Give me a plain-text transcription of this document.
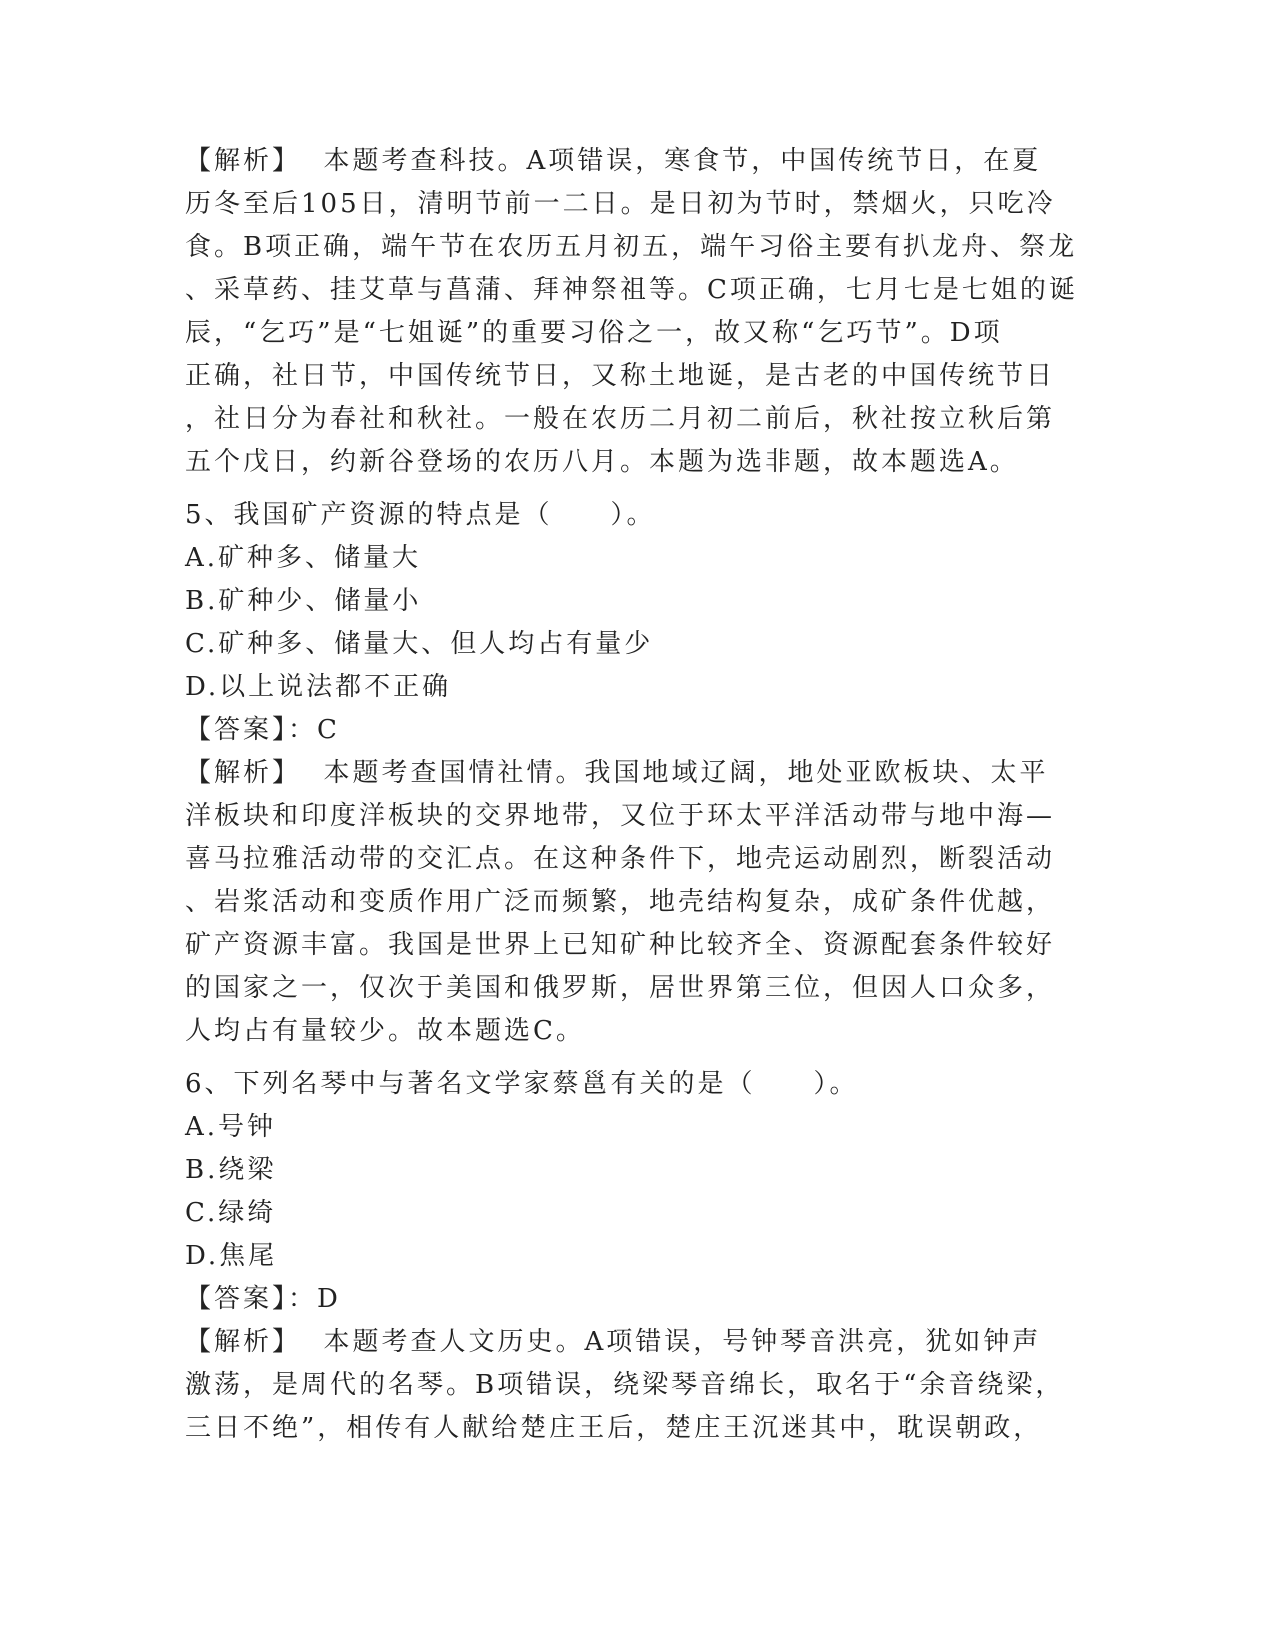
【解析】  本题考查科技。A项错误，寒食节，中国传统节日，在夏
历冬至后105日，清明节前一二日。是日初为节时，禁烟火，只吃冷
食。B项正确，端午节在农历五月初五，端午习俗主要有扒龙舟、祭龙
、采草药、挂艾草与菖蒲、拜神祭祖等。C项正确，七月七是七姐的诞
辰，“乞巧”是“七姐诞”的重要习俗之一，故又称“乞巧节”。D项
正确，社日节，中国传统节日，又称土地诞，是古老的中国传统节日
，社日分为春社和秋社。一般在农历二月初二前后，秋社按立秋后第
五个戊日，约新谷登场的农历八月。本题为选非题，故本题选A。
5、我国矿产资源的特点是（　　）。
A.矿种多、储量大
B.矿种少、储量小
C.矿种多、储量大、但人均占有量少
D.以上说法都不正确
【答案】：C
【解析】  本题考查国情社情。我国地域辽阔，地处亚欧板块、太平
洋板块和印度洋板块的交界地带，又位于环太平洋活动带与地中海—
喜马拉雅活动带的交汇点。在这种条件下，地壳运动剧烈，断裂活动
、岩浆活动和变质作用广泛而频繁，地壳结构复杂，成矿条件优越，
矿产资源丰富。我国是世界上已知矿种比较齐全、资源配套条件较好
的国家之一，仅次于美国和俄罗斯，居世界第三位，但因人口众多，
人均占有量较少。故本题选C。
6、下列名琴中与著名文学家蔡邕有关的是（　　）。
A.号钟
B.绕梁
C.绿绮
D.焦尾
【答案】：D
【解析】  本题考查人文历史。A项错误，号钟琴音洪亮，犹如钟声
激荡，是周代的名琴。B项错误，绕梁琴音绵长，取名于“余音绕梁，
三日不绝”，相传有人献给楚庄王后，楚庄王沉迷其中，耽误朝政，
